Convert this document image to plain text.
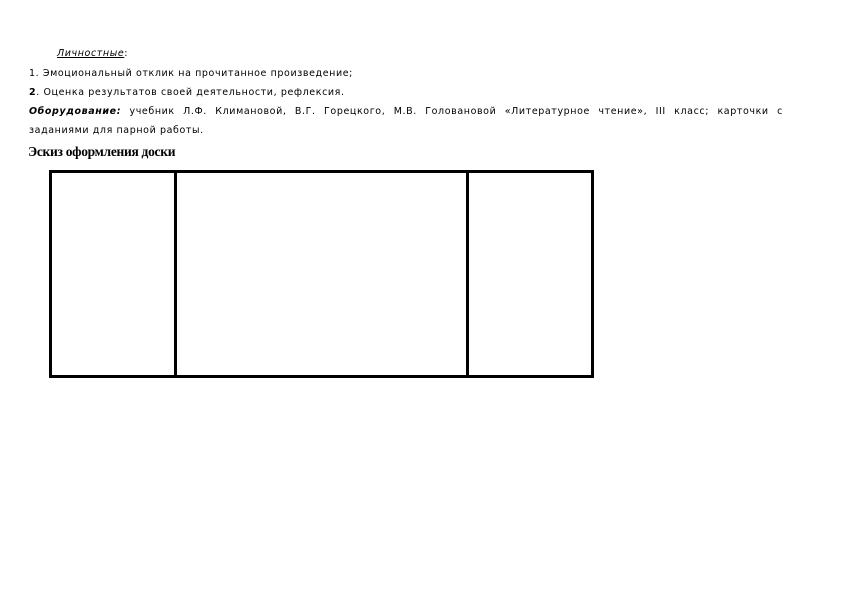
Личностные:
1. Эмоциональный отклик на прочитанное произведение;
2. Оценка результатов своей деятельности, рефлексия.
Оборудование: учебник Л.Ф. Климановой, В.Г. Горецкого, М.В. Головановой «Литературное чтение», III класс; карточки с
заданиями для парной работы.
Эскиз оформления доски
